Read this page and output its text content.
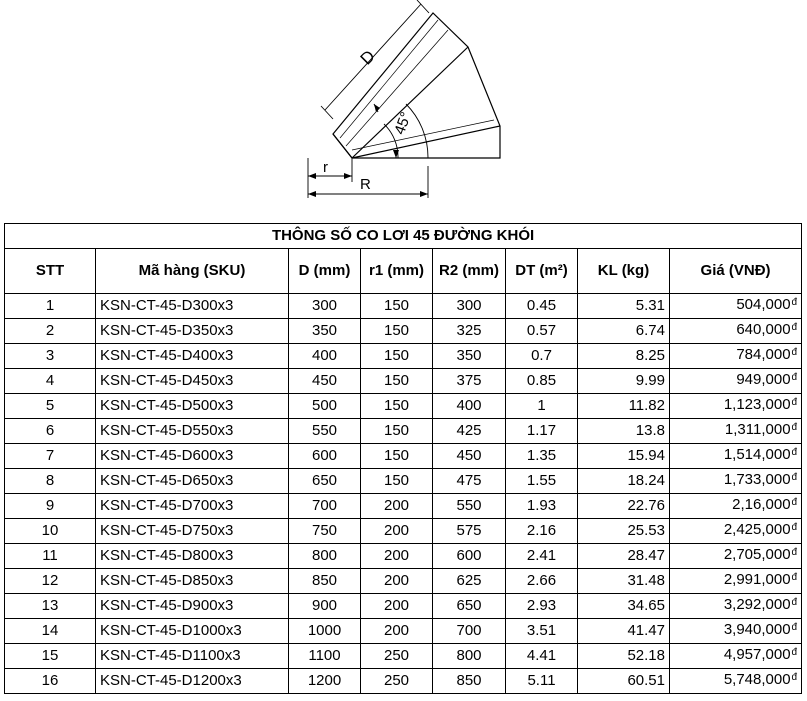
D
45°
r
R
THÔNG SỐ CO LƠI 45 ĐƯỜNG KHÓI							
STT	Mã hàng (SKU)	D (mm)	r1 (mm)	R2 (mm)	DT (m²)	KL (kg)	Giá (VNĐ)
1	KSN-CT-45-D300x3	300	150	300	0.45	5.31	$504,000^đ$
2	KSN-CT-45-D350x3	350	150	325	0.57	6.74	$640,000^đ$
3	KSN-CT-45-D400x3	400	150	350	0.7	8.25	$784,000^đ$
4	KSN-CT-45-D450x3	450	150	375	0.85	9.99	$949,000^đ$
5	KSN-CT-45-D500x3	500	150	400	1	11.82	$1,123,000^đ$
6	KSN-CT-45-D550x3	550	150	425	1.17	13.8	$1,311,000^đ$
7	KSN-CT-45-D600x3	600	150	450	1.35	15.94	$1,514,000^đ$
8	KSN-CT-45-D650x3	650	150	475	1.55	18.24	$1,733,000^đ$
9	KSN-CT-45-D700x3	700	200	550	1.93	22.76	$2,16,000^đ$
10	KSN-CT-45-D750x3	750	200	575	2.16	25.53	$2,425,000^đ$
11	KSN-CT-45-D800x3	800	200	600	2.41	28.47	$2,705,000^đ$
12	KSN-CT-45-D850x3	850	200	625	2.66	31.48	$2,991,000^đ$
13	KSN-CT-45-D900x3	900	200	650	2.93	34.65	$3,292,000^đ$
14	KSN-CT-45-D1000x3	1000	200	700	3.51	41.47	$3,940,000^đ$
15	KSN-CT-45-D1100x3	1100	250	800	4.41	52.18	$4,957,000^đ$
16	KSN-CT-45-D1200x3	1200	250	850	5.11	60.51	$5,748,000^đ$
